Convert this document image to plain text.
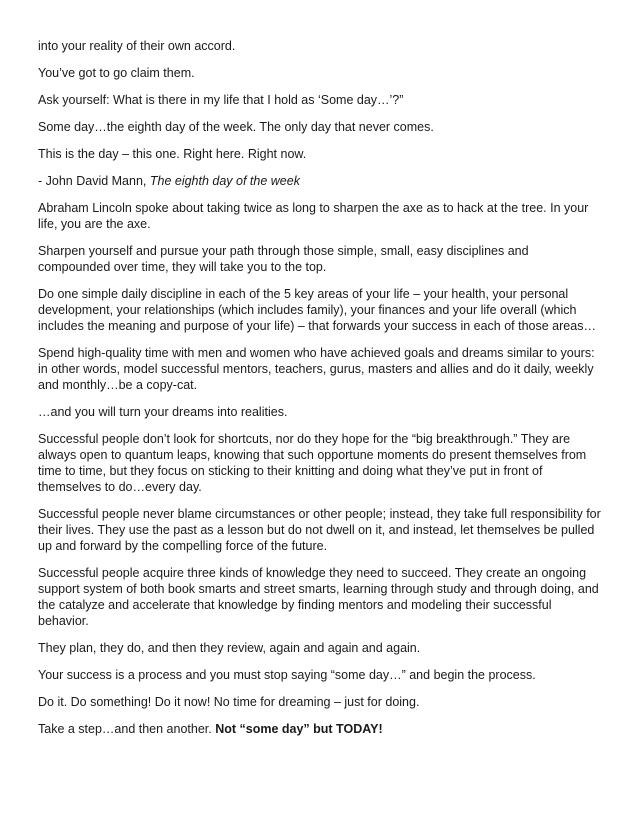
into your reality of their own accord.

You’ve got to go claim them.

Ask yourself: What is there in my life that I hold as ‘Some day…’?”

Some day…the eighth day of the week. The only day that never comes.

This is the day – this one. Right here. Right now.

- John David Mann, The eighth day of the week

Abraham Lincoln spoke about taking twice as long to sharpen the axe as to hack at the tree. In your life, you are the axe.

Sharpen yourself and pursue your path through those simple, small, easy disciplines and compounded over time, they will take you to the top.

Do one simple daily discipline in each of the 5 key areas of your life – your health, your personal development, your relationships (which includes family), your finances and your life overall (which includes the meaning and purpose of your life) – that forwards your success in each of those areas…

Spend high-quality time with men and women who have achieved goals and dreams similar to yours: in other words, model successful mentors, teachers, gurus, masters and allies and do it daily, weekly and monthly…be a copy-cat.

…and you will turn your dreams into realities.

Successful people don’t look for shortcuts, nor do they hope for the “big breakthrough.” They are always open to quantum leaps, knowing that such opportune moments do present themselves from time to time, but they focus on sticking to their knitting and doing what they’ve put in front of themselves to do…every day.

Successful people never blame circumstances or other people; instead, they take full responsibility for their lives. They use the past as a lesson but do not dwell on it, and instead, let themselves be pulled up and forward by the compelling force of the future.

Successful people acquire three kinds of knowledge they need to succeed. They create an ongoing support system of both book smarts and street smarts, learning through study and through doing, and the catalyze and accelerate that knowledge by finding mentors and modeling their successful behavior.

They plan, they do, and then they review, again and again and again.

Your success is a process and you must stop saying “some day…” and begin the process.

Do it. Do something! Do it now! No time for dreaming – just for doing.

Take a step…and then another. Not “some day” but TODAY!
